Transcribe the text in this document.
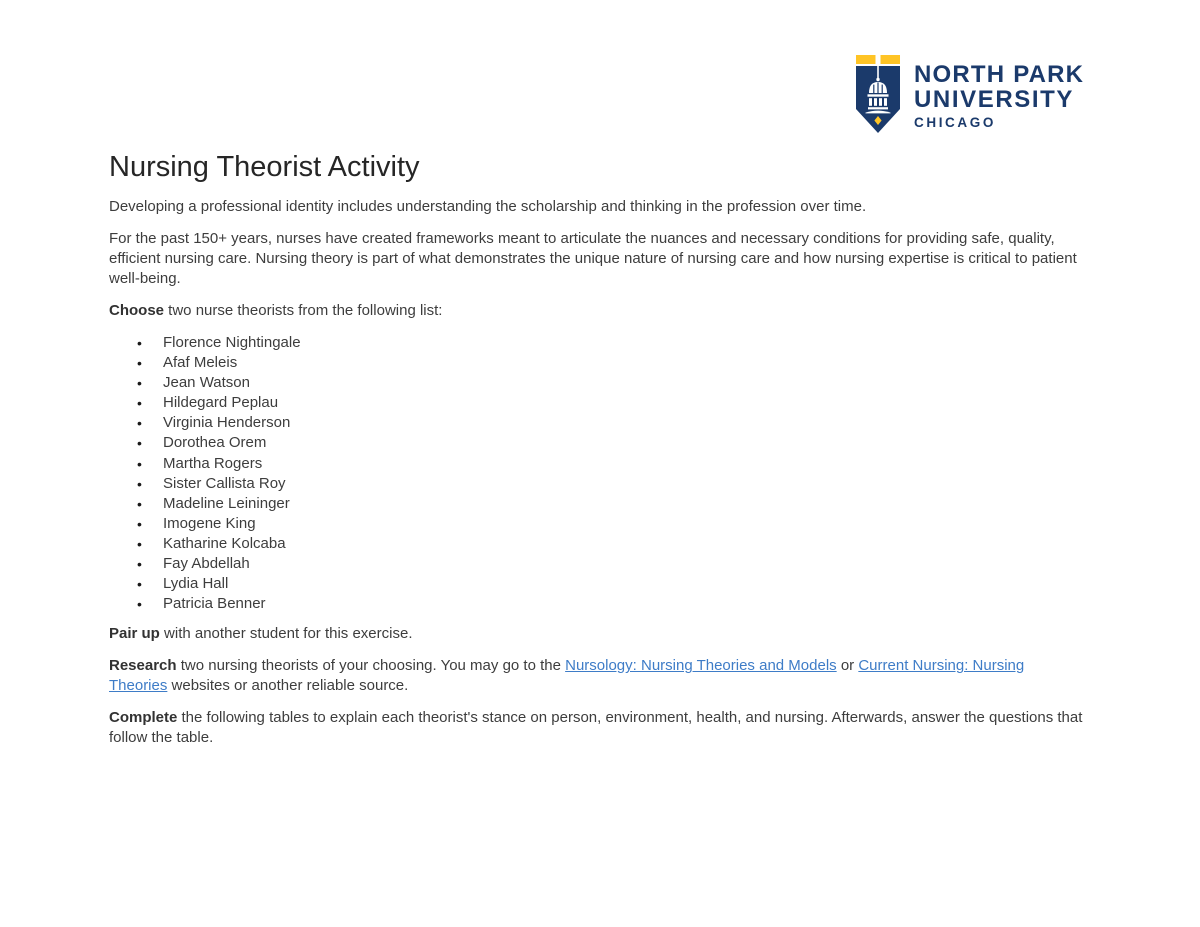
NORTH PARK
UNIVERSITY
CHICAGO
Nursing Theorist Activity

Developing a professional identity includes understanding the scholarship and thinking in the profession over time.

For the past 150+ years, nurses have created frameworks meant to articulate the nuances and necessary conditions for providing safe, quality, efficient nursing care. Nursing theory is part of what demonstrates the unique nature of nursing care and how nursing expertise is critical to patient well-being.

Choose two nurse theorists from the following list:

• Florence Nightingale
• Afaf Meleis
• Jean Watson
• Hildegard Peplau
• Virginia Henderson
• Dorothea Orem
• Martha Rogers
• Sister Callista Roy
• Madeline Leininger
• Imogene King
• Katharine Kolcaba
• Fay Abdellah
• Lydia Hall
• Patricia Benner

Pair up with another student for this exercise.

Research two nursing theorists of your choosing. You may go to the Nursology: Nursing Theories and Models or Current Nursing: Nursing Theories websites or another reliable source.

Complete the following tables to explain each theorist's stance on person, environment, health, and nursing. Afterwards, answer the questions that follow the table.
